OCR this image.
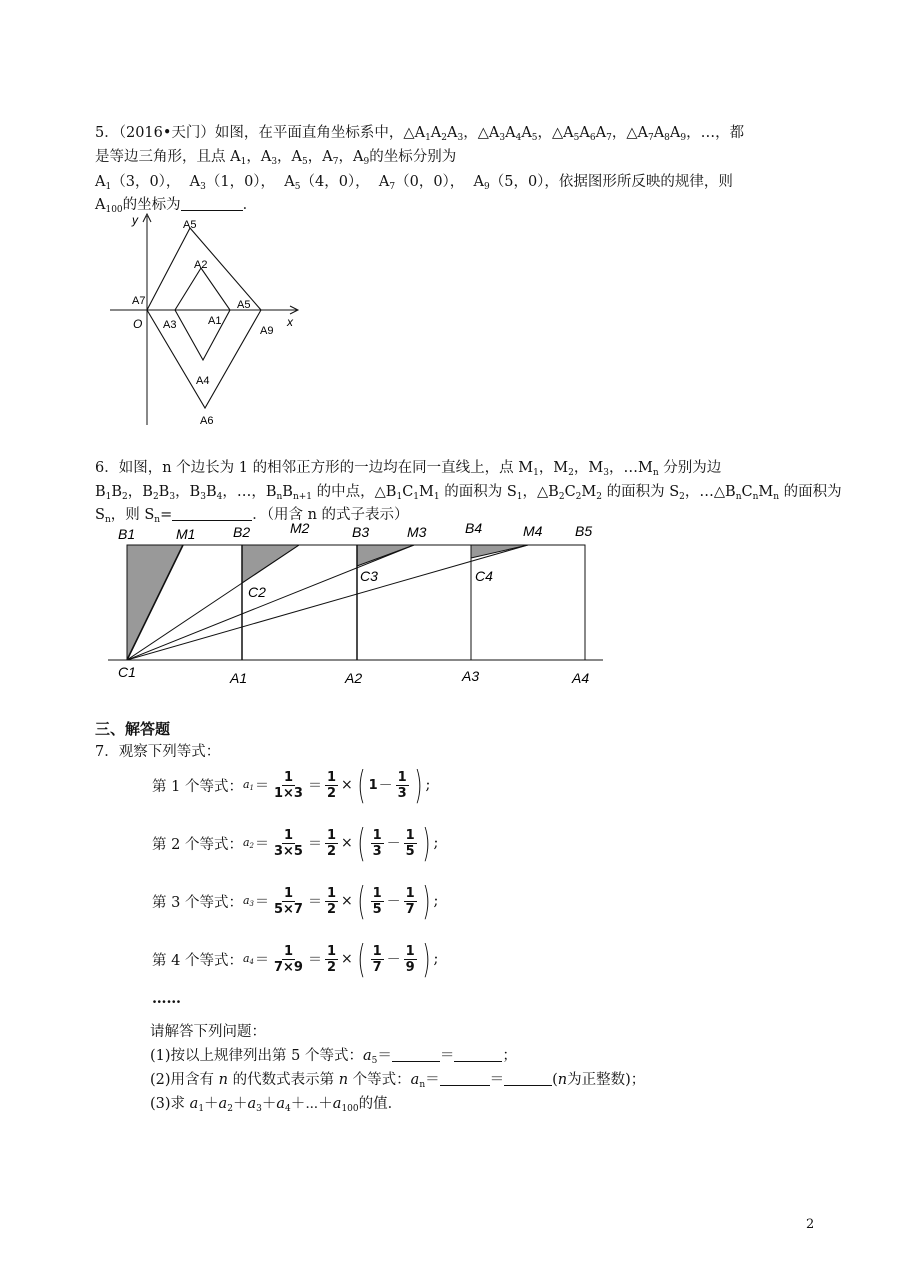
5．（2016•天门）如图，在平面直角坐标系中，$\triangle A_1A_2A_3$，$\triangle A_3A_4A_5$，$\triangle A_5A_6A_7$，$\triangle A_7A_8A_9$，…，都
是等边三角形，且点 $A_1$，$A_3$，$A_5$，$A_7$，$A_9$的坐标分别为
$A_1(3$，0），  $A_3(1$，0），  $A_5(4$，0），  $A_7(0$，0），  $A_9(5$，0），依据图形所反映的规律，则
$A_{100}$的坐标为	．
y
x
O
A5
A2
A7
A3	A1
A5
A9
A4
A6
6．如图，n 个边长为 1 的相邻正方形的一边均在同一直线上，点 $M_1$，$M_2$，$M_3$，$\dots M_n$ 分别为边
$B_1B_2$，$B_2B_3$，$B_3B_4$，…，$B_nB_{n+1}$ 的中点，$\triangle B_1C_1M_1$ 的面积为 $S_1$，$\triangle B_2C_2M_2$ 的面积为 $S_2$，$\dots\triangle B_nC_nM_n$ 的面积为
$S_n$，则 $S_n=$	．（用含 n 的式子表示）
B1	M1	B2	M2	B3	M3	B4	M4 B5
C2
C3	C4
C1	A1	A2	A3	A4
三、解答题
7．观察下列等式：
第 1 个等式： $a_1 = \frac{1}{1\times 3} = \frac{1}{2}$ × ( $1 - \frac{1}{3}$ ) ;
第 2 个等式： $a_2 = \frac{1}{3\times 5} = \frac{1}{2}$ × ( $\frac{1}{3} - \frac{1}{5}$ ) ;
第 3 个等式： $a_3 = \frac{1}{5\times 7} = \frac{1}{2}$ × ( $\frac{1}{5} - \frac{1}{7}$ ) ;
第 4 个等式： $a_4 = \frac{1}{7\times 9} = \frac{1}{2}$ × ( $\frac{1}{7} - \frac{1}{9}$ ) ;
……
请解答下列问题：
(1)按以上规律列出第 5 个等式：$a_5=$	＝	；
(2)用含有 n 的代数式表示第 n 个等式：$a_n=$	＝	(n为正整数)；
(3)求 $a_1+a_2+a_3+a_4+\cdots+a_{100}$的值．
2
